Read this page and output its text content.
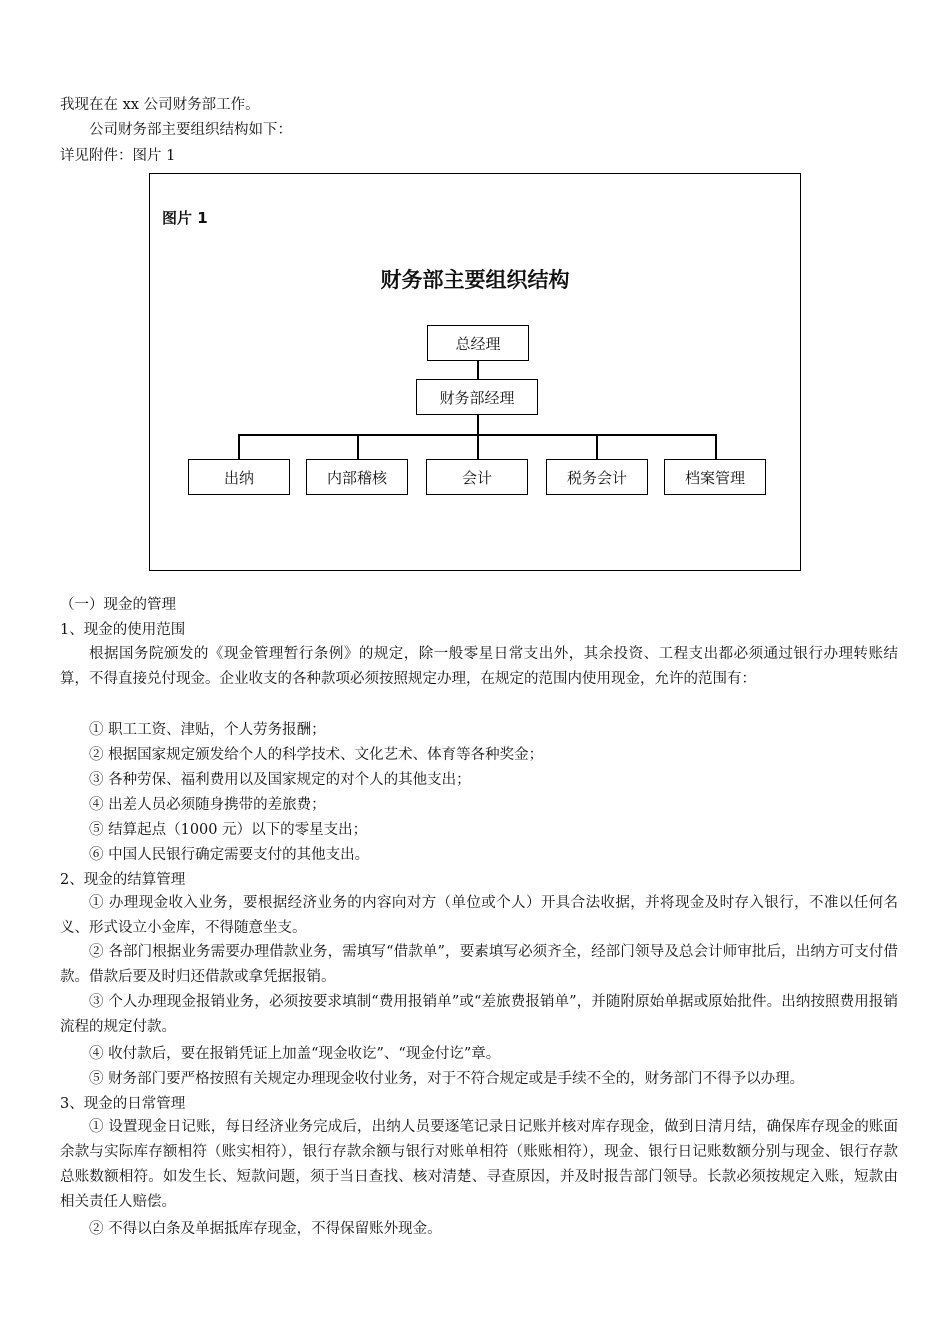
我现在在 xx 公司财务部工作。
公司财务部主要组织结构如下：
详见附件：图片 1
图片 1
财务部主要组织结构
总经理
财务部经理
出纳	内部稽核	会计	税务会计	档案管理
（一）现金的管理
1、现金的使用范围
根据国务院颁发的《现金管理暂行条例》的规定，除一般零星日常支出外，其余投资、工程支出都必须通过银行办理转账结算，不得直接兑付现金。企业收支的各种款项必须按照规定办理，在规定的范围内使用现金，允许的范围有：
① 职工工资、津贴，个人劳务报酬；
② 根据国家规定颁发给个人的科学技术、文化艺术、体育等各种奖金；
③ 各种劳保、福利费用以及国家规定的对个人的其他支出；
④ 出差人员必须随身携带的差旅费；
⑤ 结算起点（1000 元）以下的零星支出；
⑥ 中国人民银行确定需要支付的其他支出。
2、现金的结算管理
① 办理现金收入业务，要根据经济业务的内容向对方（单位或个人）开具合法收据，并将现金及时存入银行，不准以任何名义、形式设立小金库，不得随意坐支。
② 各部门根据业务需要办理借款业务，需填写“借款单”，要素填写必须齐全，经部门领导及总会计师审批后，出纳方可支付借款。借款后要及时归还借款或拿凭据报销。
③ 个人办理现金报销业务，必须按要求填制“费用报销单”或“差旅费报销单”，并随附原始单据或原始批件。出纳按照费用报销流程的规定付款。
④ 收付款后，要在报销凭证上加盖“现金收讫”、“现金付讫”章。
⑤ 财务部门要严格按照有关规定办理现金收付业务，对于不符合规定或是手续不全的，财务部门不得予以办理。
3、现金的日常管理
① 设置现金日记账，每日经济业务完成后，出纳人员要逐笔记录日记账并核对库存现金，做到日清月结，确保库存现金的账面余款与实际库存额相符（账实相符），银行存款余额与银行对账单相符（账账相符），现金、银行日记账数额分别与现金、银行存款总账数额相符。如发生长、短款问题，须于当日查找、核对清楚、寻查原因，并及时报告部门领导。长款必须按规定入账，短款由相关责任人赔偿。
② 不得以白条及单据抵库存现金，不得保留账外现金。
